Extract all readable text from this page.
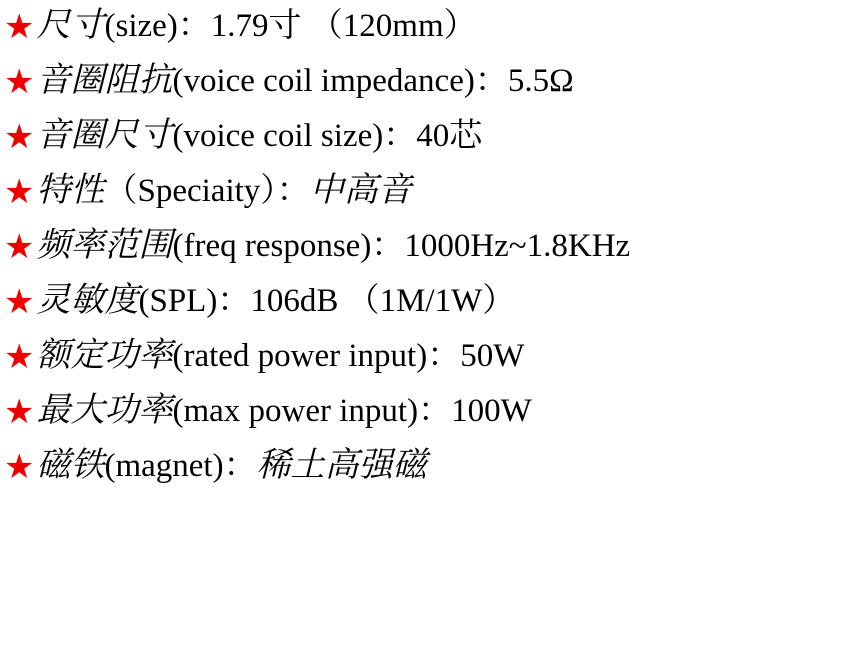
★ 尺寸(size)：1.79寸 （120mm）
★ 音圈阻抗(voice coil impedance)：5.5Ω
★ 音圈尺寸(voice coil size)：40芯
★ 特性（Speciaity）：中高音
★ 频率范围(freq response)：1000Hz~1.8KHz
★ 灵敏度(SPL)：106dB （1M/1W）
★ 额定功率(rated power input)：50W
★ 最大功率(max power input)：100W
★ 磁铁(magnet)：稀土高强磁
